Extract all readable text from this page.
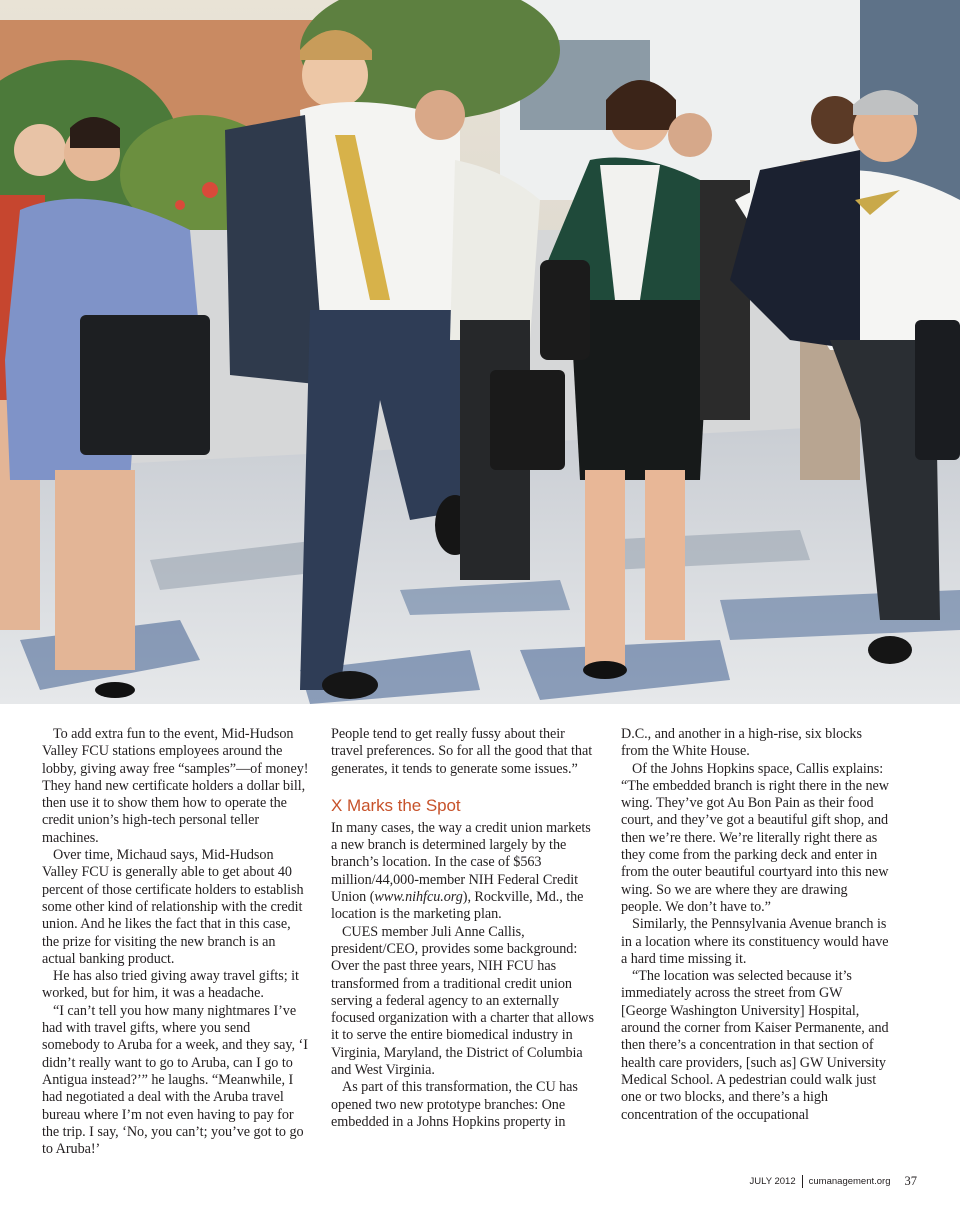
To add extra fun to the event, Mid-Hudson Valley FCU stations employees around the lobby, giving away free “samples”—of money! They hand new certificate holders a dollar bill, then use it to show them how to operate the credit union’s high-tech personal teller machines.

Over time, Michaud says, Mid-Hudson Valley FCU is generally able to get about 40 percent of those certificate holders to establish some other kind of relationship with the credit union. And he likes the fact that in this case, the prize for visiting the new branch is an actual banking product.

He has also tried giving away travel gifts; it worked, but for him, it was a headache.

“I can’t tell you how many nightmares I’ve had with travel gifts, where you send somebody to Aruba for a week, and they say, ‘I didn’t really want to go to Aruba, can I go to Antigua instead?’” he laughs. “Meanwhile, I had negotiated a deal with the Aruba travel bureau where I’m not even having to pay for the trip. I say, ‘No, you can’t; you’ve got to go to Aruba!’

People tend to get really fussy about their travel preferences. So for all the good that that generates, it tends to generate some issues.”

X Marks the Spot

In many cases, the way a credit union markets a new branch is determined largely by the branch’s location. In the case of $563 million/44,000-member NIH Federal Credit Union (www.nihfcu.org), Rockville, Md., the location is the marketing plan.

CUES member Juli Anne Callis, president/CEO, provides some background: Over the past three years, NIH FCU has transformed from a traditional credit union serving a federal agency to an externally focused organization with a charter that allows it to serve the entire biomedical industry in Virginia, Maryland, the District of Columbia and West Virginia.

As part of this transformation, the CU has opened two new prototype branches: One embedded in a Johns Hopkins property in

D.C., and another in a high-rise, six blocks from the White House.

Of the Johns Hopkins space, Callis explains: “The embedded branch is right there in the new wing. They’ve got Au Bon Pain as their food court, and they’ve got a beautiful gift shop, and then we’re there. We’re literally right there as they come from the parking deck and enter in from the outer beautiful courtyard into this new wing. So we are where they are drawing people. We don’t have to.”

Similarly, the Pennsylvania Avenue branch is in a location where its constituency would have a hard time missing it.

“The location was selected because it’s immediately across the street from GW [George Washington University] Hospital, around the corner from Kaiser Permanente, and then there’s a concentration in that section of health care providers, [such as] GW University Medical School. A pedestrian could walk just one or two blocks, and there’s a high concentration of the occupational

JULY 2012 cumanagement.org 37
